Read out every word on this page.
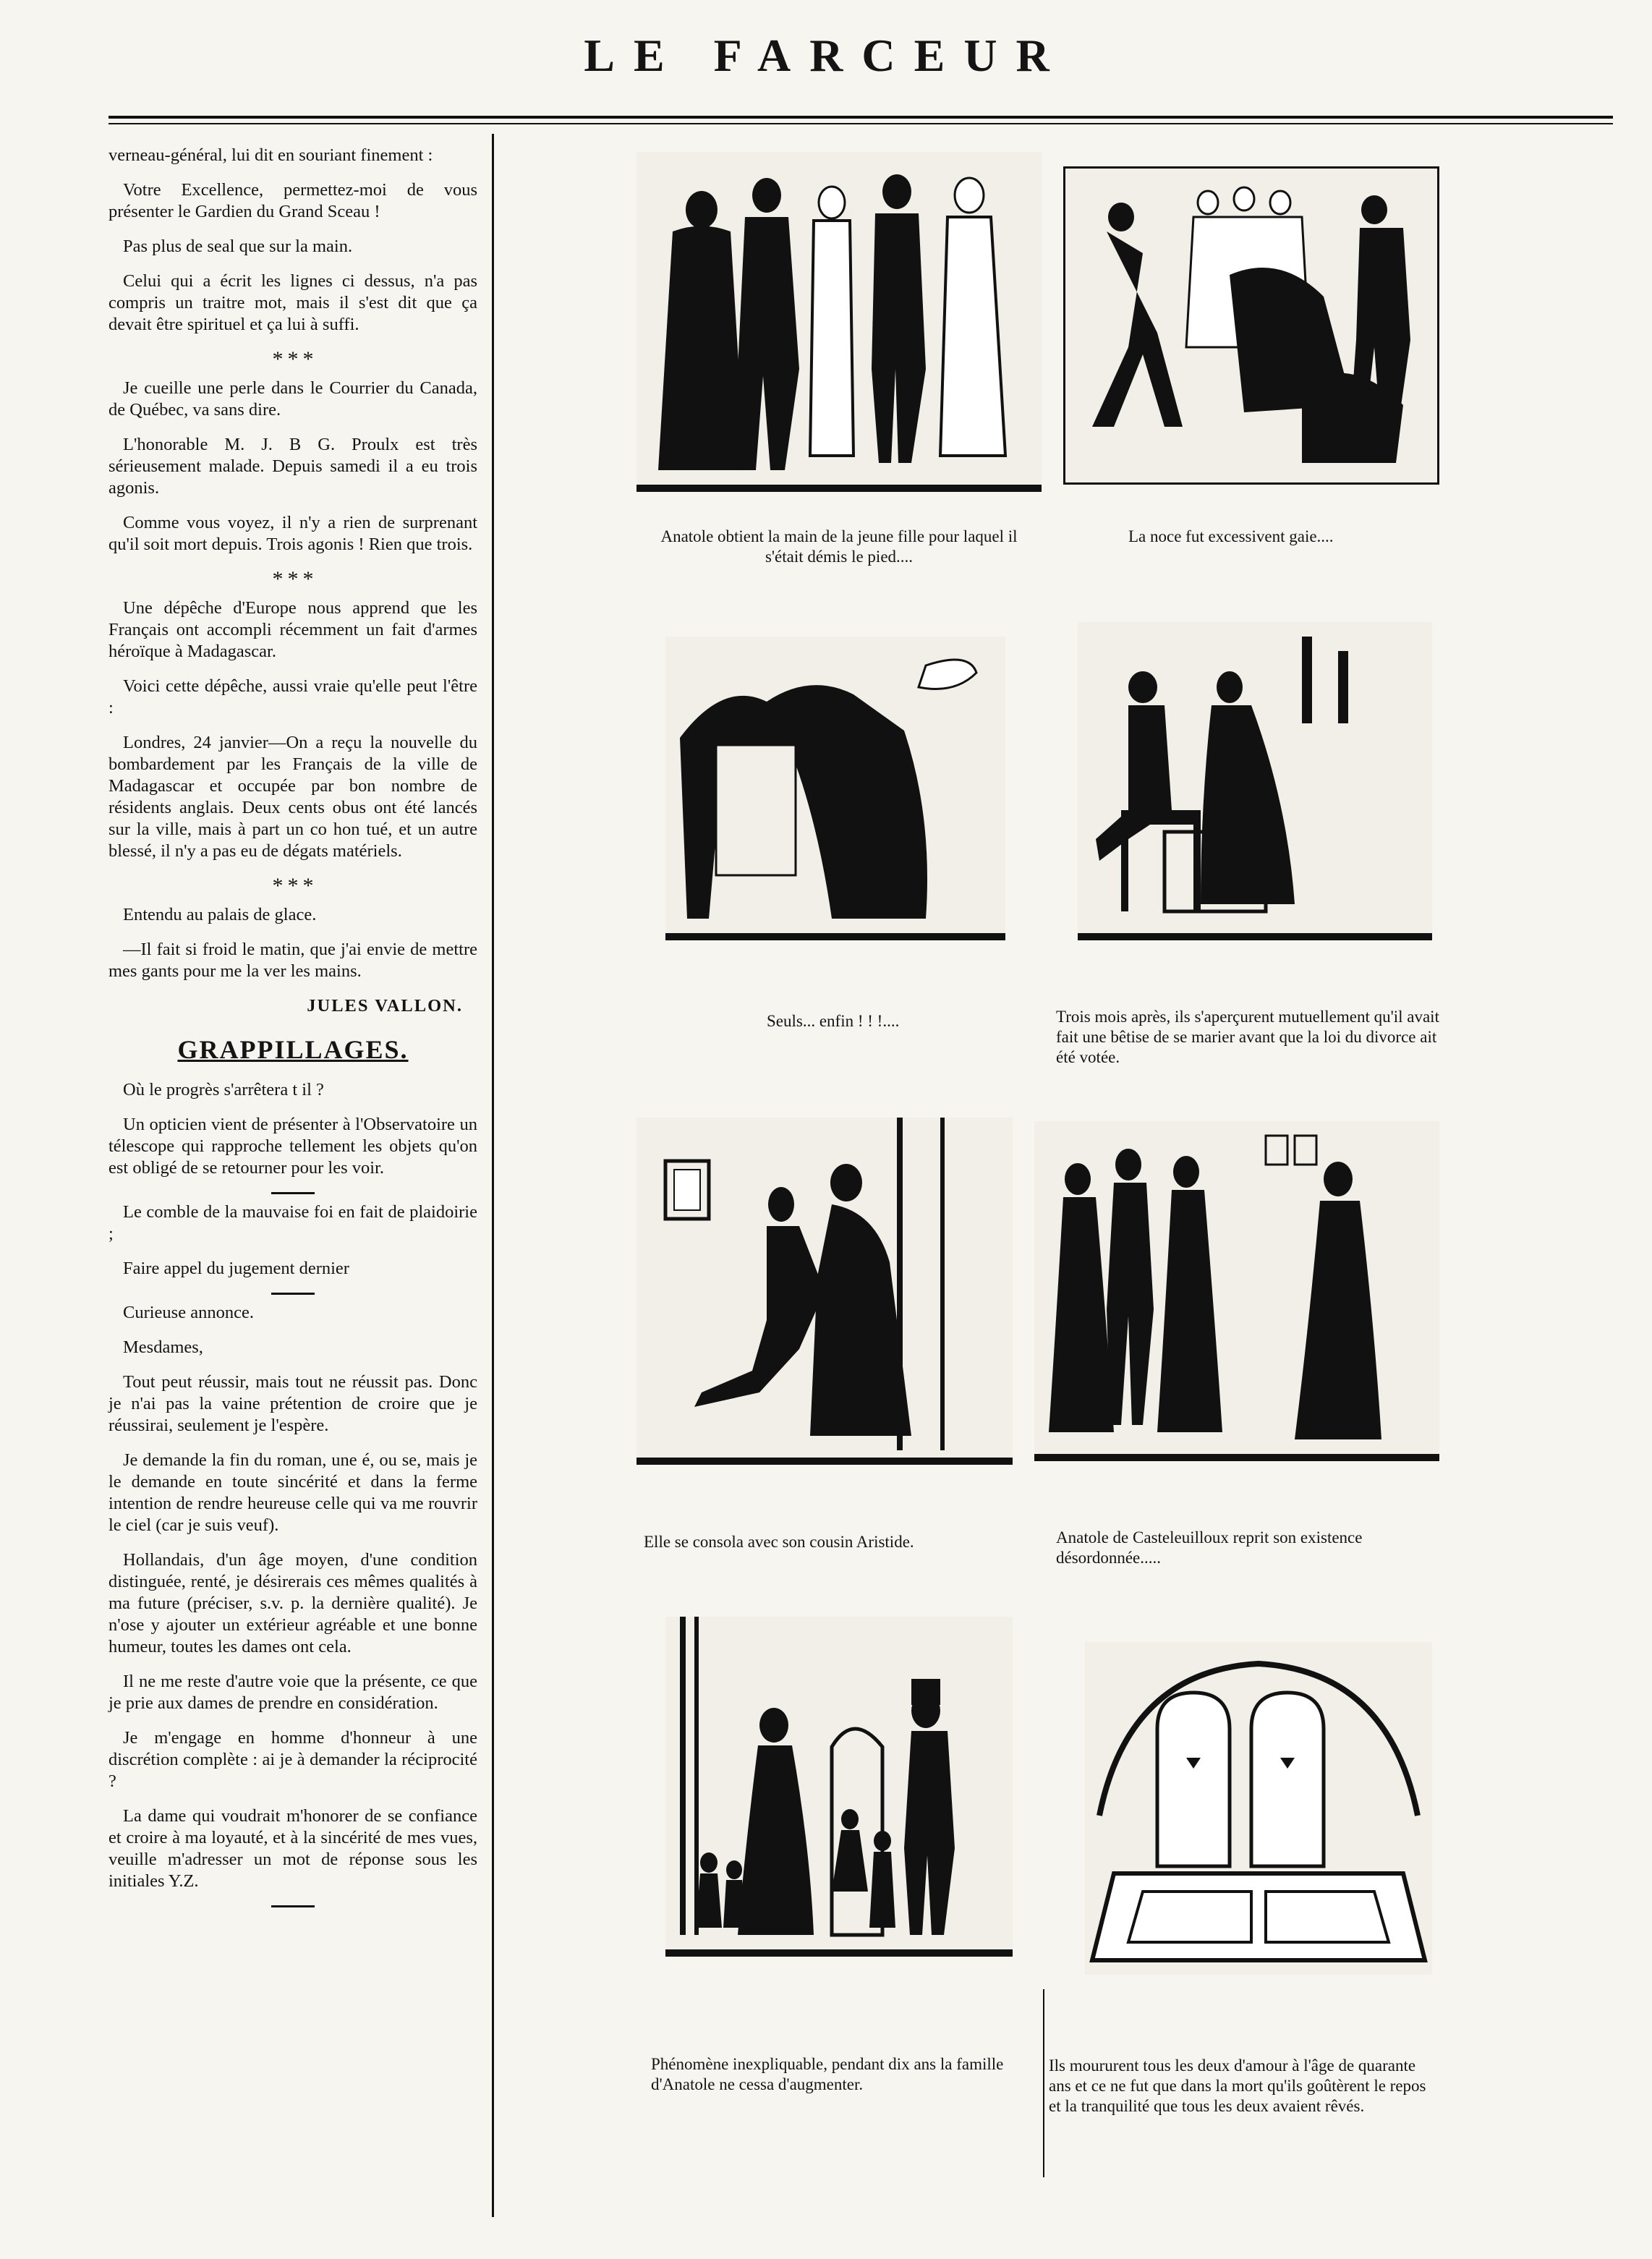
LE FARCEUR

verneau-général, lui dit en souriant finement :

Votre Excellence, permettez-moi de vous présenter le Gardien du Grand Sceau !

Pas plus de seal que sur la main.

Celui qui a écrit les lignes ci dessus, n'a pas compris un traitre mot, mais il s'est dit que ça devait être spirituel et ça lui à suffi.

* * *

Je cueille une perle dans le Courrier du Canada, de Québec, va sans dire.

L'honorable M. J. B G. Proulx est très sérieusement malade. Depuis samedi il a eu trois agonis.

Comme vous voyez, il n'y a rien de surprenant qu'il soit mort depuis. Trois agonis ! Rien que trois.

* * *

Une dépêche d'Europe nous apprend que les Français ont accompli récemment un fait d'armes héroïque à Madagascar.

Voici cette dépêche, aussi vraie qu'elle peut l'être :

Londres, 24 janvier—On a reçu la nouvelle du bombardement par les Français de la ville de Madagascar et occupée par bon nombre de résidents anglais. Deux cents obus ont été lancés sur la ville, mais à part un co hon tué, et un autre blessé, il n'y a pas eu de dégats matériels.

* * *

Entendu au palais de glace.

—Il fait si froid le matin, que j'ai envie de mettre mes gants pour me la ver les mains.

JULES VALLON.
GRAPPILLAGES.

Où le progrès s'arrêtera t il ?

Un opticien vient de présenter à l'Observatoire un télescope qui rapproche tellement les objets qu'on est obligé de se retourner pour les voir.

Le comble de la mauvaise foi en fait de plaidoirie ;

Faire appel du jugement dernier

Curieuse annonce.

Mesdames,

Tout peut réussir, mais tout ne réussit pas. Donc je n'ai pas la vaine prétention de croire que je réussirai, seulement je l'espère.

Je demande la fin du roman, une é, ou se, mais je le demande en toute sincérité et dans la ferme intention de rendre heureuse celle qui va me rouvrir le ciel (car je suis veuf).

Hollandais, d'un âge moyen, d'une condition distinguée, renté, je désirerais ces mêmes qualités à ma future (préciser, s.v. p. la dernière qualité). Je n'ose y ajouter un extérieur agréable et une bonne humeur, toutes les dames ont cela.

Il ne me reste d'autre voie que la présente, ce que je prie aux dames de prendre en considération.

Je m'engage en homme d'honneur à une discrétion complète : ai je à demander la réciprocité ?

La dame qui voudrait m'honorer de se confiance et croire à ma loyauté, et à la sincérité de mes vues, veuille m'adresser un mot de réponse sous les initiales Y.Z.

Anatole obtient la main de la jeune fille pour laquel il s'était démis le pied....
La noce fut excessivent gaie....
Seuls... enfin ! ! !....	Trois mois après, ils s'aperçurent mutuellement qu'il avait fait une bêtise de se marier avant que la loi du divorce ait été votée.
Elle se consola avec son cousin Aristide.	Anatole de Casteleuilloux reprit son existence désordonnée.....
Phénomène inexpliquable, pendant dix ans la famille d'Anatole ne cessa d'augmenter.
Ils moururent tous les deux d'amour à l'âge de quarante ans et ce ne fut que dans la mort qu'ils goûtèrent le repos et la tranquilité que tous les deux avaient rêvés.
